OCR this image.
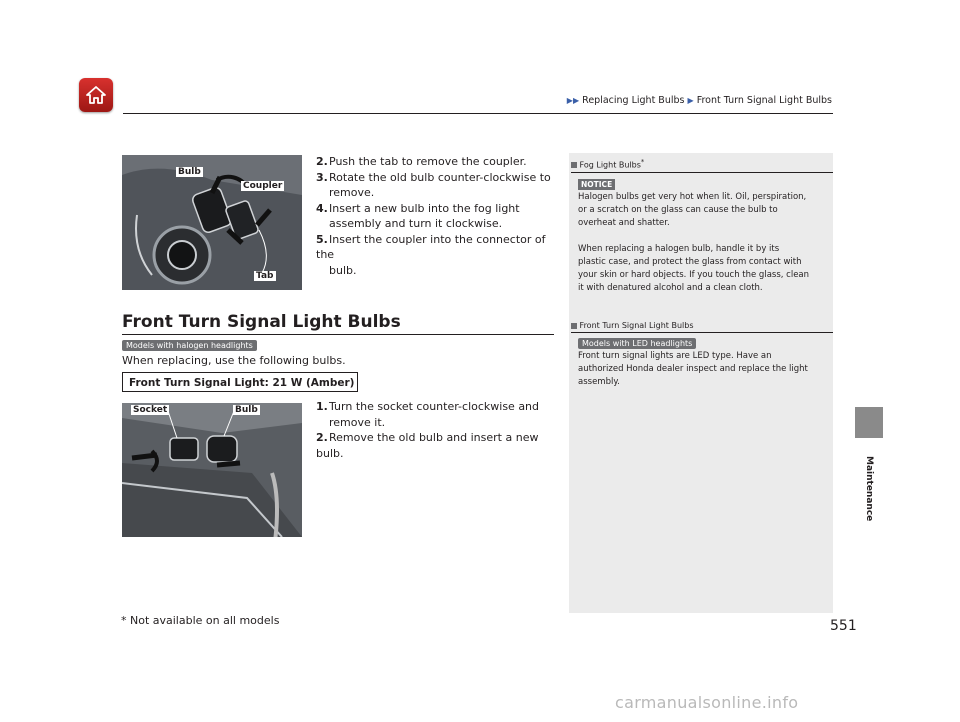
▶▶ Replacing Light Bulbs ▶ Front Turn Signal Light Bulbs
Maintenance
Bulb
Coupler
Tab
2.Push the tab to remove the coupler.
3.Rotate the old bulb counter-clockwise to
remove.
4.Insert a new bulb into the fog light
assembly and turn it clockwise.
5.Insert the coupler into the connector of the
bulb.
Front Turn Signal Light Bulbs
Models with halogen headlights
When replacing, use the following bulbs.
Front Turn Signal Light: 21 W (Amber)
Socket	Bulb	1.Turn the socket counter-clockwise and
remove it.
2.Remove the old bulb and insert a new bulb.
Fog Light Bulbs*
NOTICE
Halogen bulbs get very hot when lit. Oil, perspiration,
or a scratch on the glass can cause the bulb to
overheat and shatter.
When replacing a halogen bulb, handle it by its
plastic case, and protect the glass from contact with
your skin or hard objects. If you touch the glass, clean
it with denatured alcohol and a clean cloth.
Front Turn Signal Light Bulbs
Models with LED headlights
Front turn signal lights are LED type. Have an
authorized Honda dealer inspect and replace the light
assembly.
* Not available on all models	551
carmanualsonline.info
